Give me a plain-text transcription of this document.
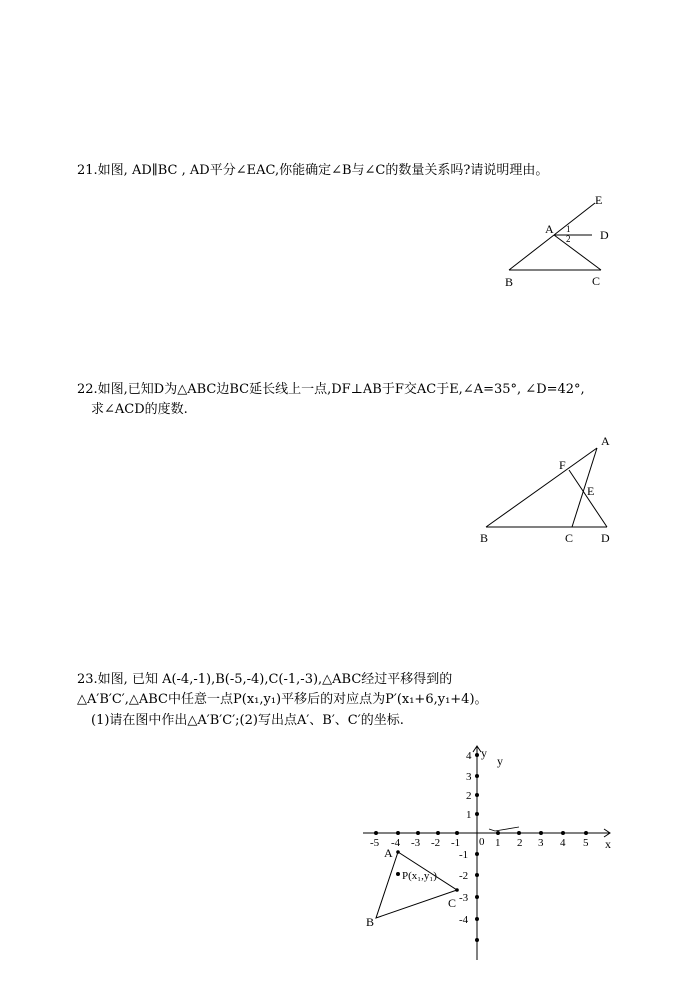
21.如图, AD∥BC , AD平分∠EAC,你能确定∠B与∠C的数量关系吗?请说明理由。
E
A	D
B	C
1
2
22.如图,已知D为△ABC边BC延长线上一点,DF⊥AB于F交AC于E,∠A=35°, ∠D=42°,
求∠ACD的度数.
A
F
E
B	C D
23.如图, 已知 A(-4,-1),B(-5,-4),C(-1,-3),△ABC经过平移得到的
△A′B′C′,△ABC中任意一点P(x₁,y₁)平移后的对应点为P′(x₁+6,y₁+4)。
(1)请在图中作出△A′B′C′;(2)写出点A′、B′、C′的坐标.
y
y
x
0
-5 -4 -3 -2 -1	1 2 3 4 5
4
3
2
1
-1
-2
-3
-4
A
B
C
P(x₁,y₁)
